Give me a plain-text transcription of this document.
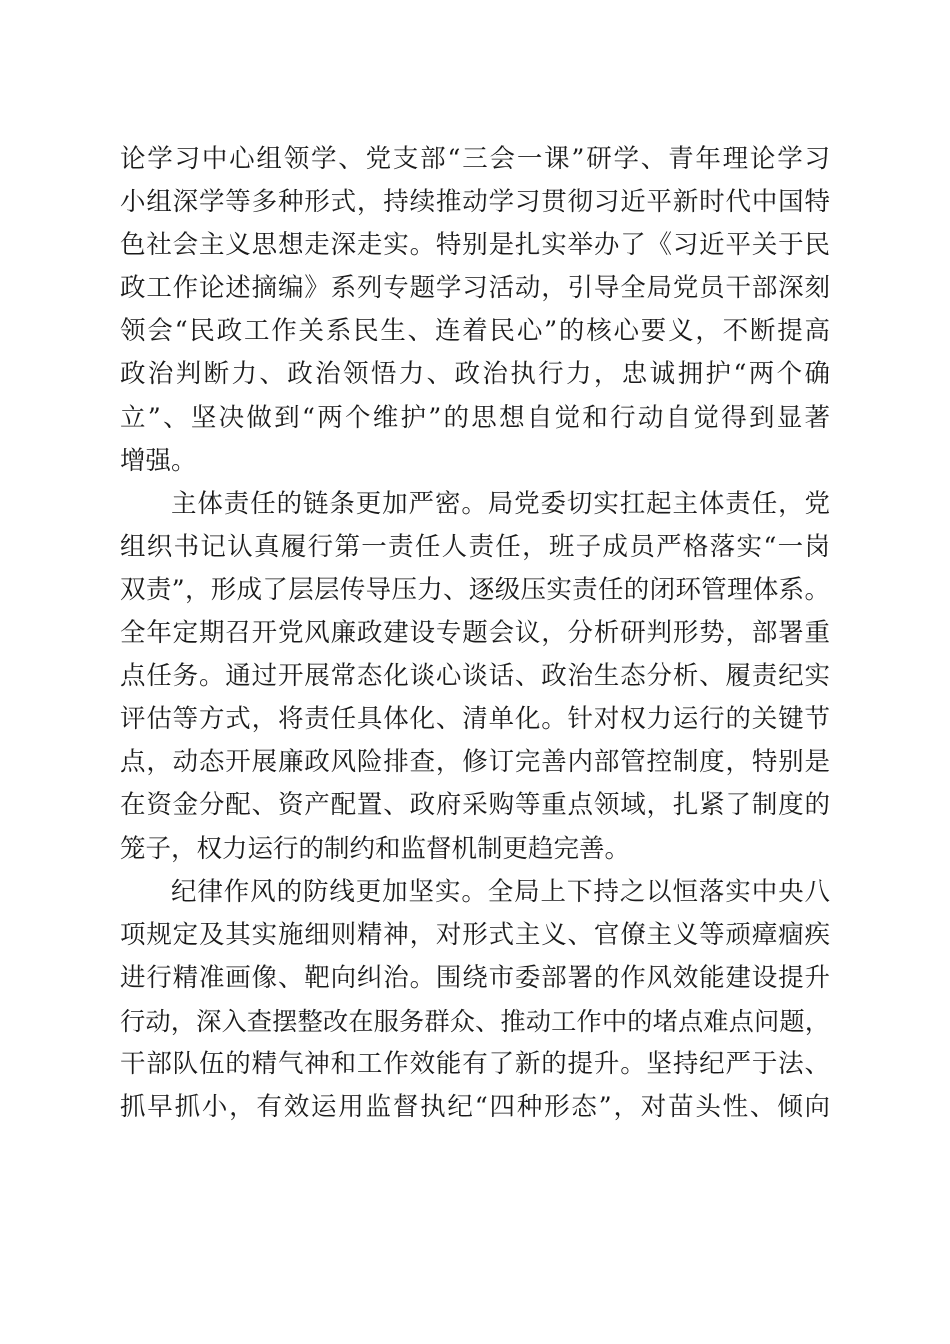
论学习中心组领学、党支部“三会一课”研学、青年理论学习
小组深学等多种形式，持续推动学习贯彻习近平新时代中国特
色社会主义思想走深走实。特别是扎实举办了《习近平关于民
政工作论述摘编》系列专题学习活动，引导全局党员干部深刻
领会“民政工作关系民生、连着民心”的核心要义，不断提高
政治判断力、政治领悟力、政治执行力，忠诚拥护“两个确
立”、坚决做到“两个维护”的思想自觉和行动自觉得到显著
增强。
主体责任的链条更加严密。局党委切实扛起主体责任，党
组织书记认真履行第一责任人责任，班子成员严格落实“一岗
双责”，形成了层层传导压力、逐级压实责任的闭环管理体系。
全年定期召开党风廉政建设专题会议，分析研判形势，部署重
点任务。通过开展常态化谈心谈话、政治生态分析、履责纪实
评估等方式，将责任具体化、清单化。针对权力运行的关键节
点，动态开展廉政风险排查，修订完善内部管控制度，特别是
在资金分配、资产配置、政府采购等重点领域，扎紧了制度的
笼子，权力运行的制约和监督机制更趋完善。
纪律作风的防线更加坚实。全局上下持之以恒落实中央八
项规定及其实施细则精神，对形式主义、官僚主义等顽瘴痼疾
进行精准画像、靶向纠治。围绕市委部署的作风效能建设提升
行动，深入查摆整改在服务群众、推动工作中的堵点难点问题，
干部队伍的精气神和工作效能有了新的提升。坚持纪严于法、
抓早抓小，有效运用监督执纪“四种形态”，对苗头性、倾向
